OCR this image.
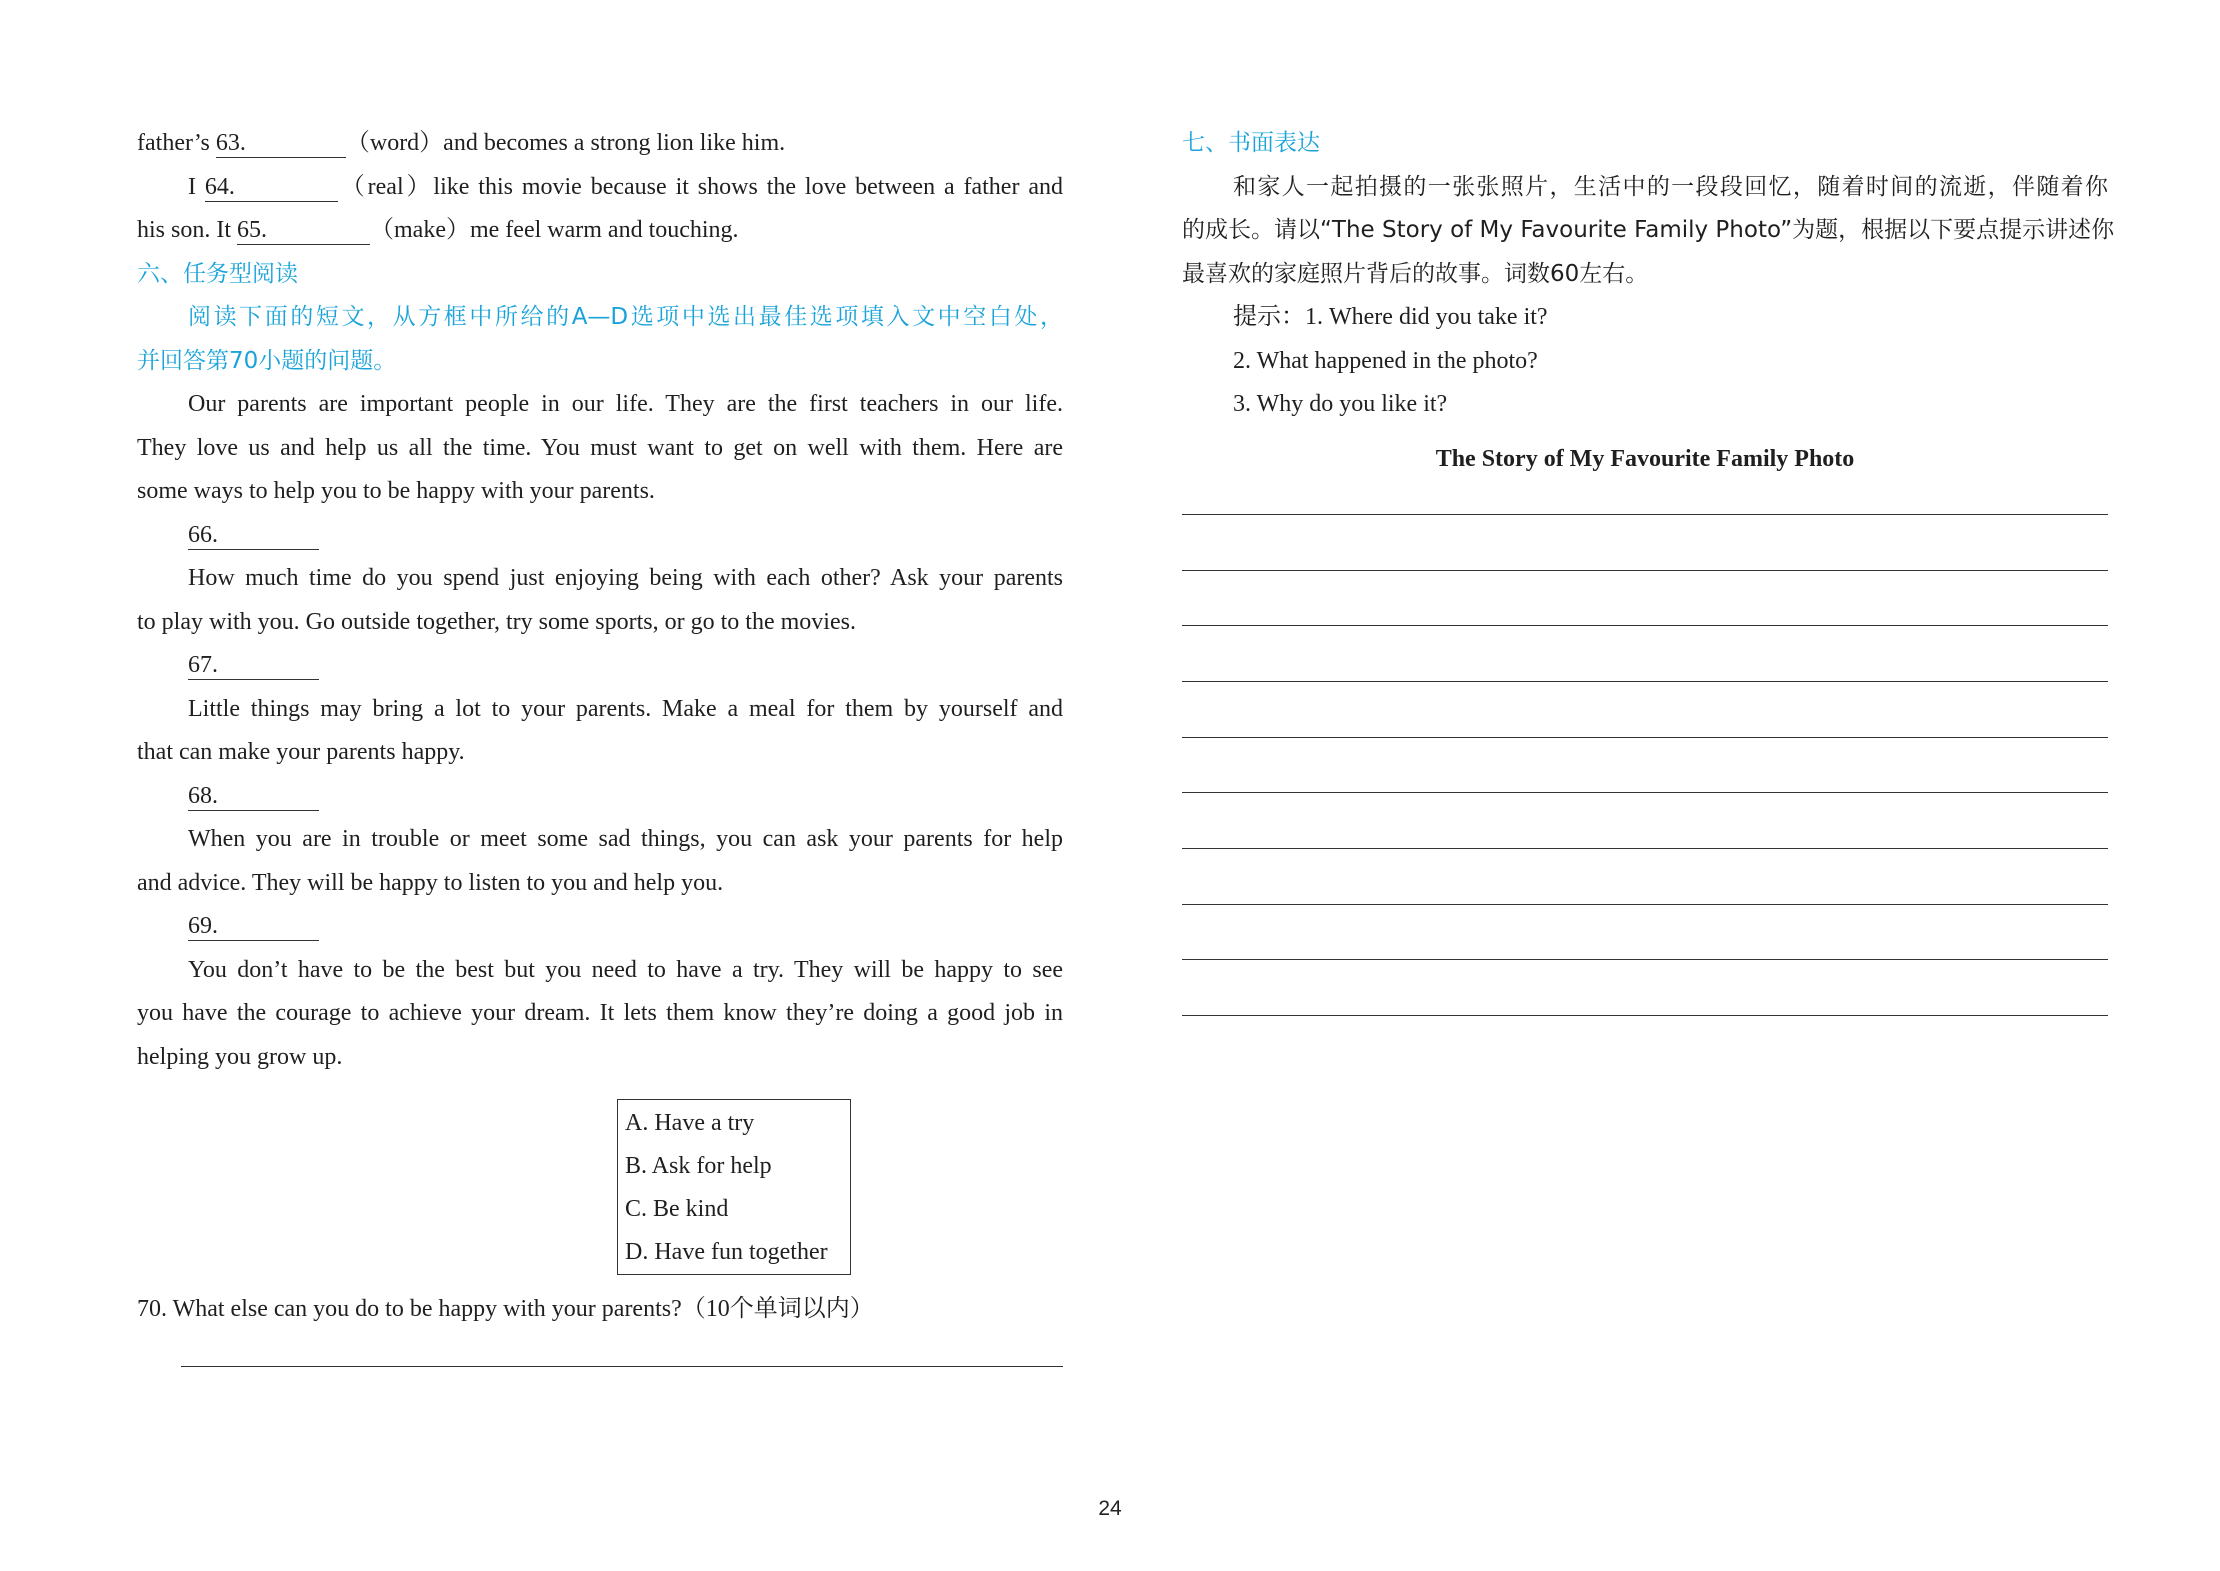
father’s 63.	（word）and becomes a strong lion like him.
I 64.	（real）like this movie because it shows the love between a father and
his son. It 65.	（make）me feel warm and touching.
六、任务型阅读
阅读下面的短文，从方框中所给的A—D选项中选出最佳选项填入文中空白处，
并回答第70小题的问题。
Our parents are important people in our life. They are the first teachers in our life.
They love us and help us all the time. You must want to get on well with them. Here are
some ways to help you to be happy with your parents.
66.
How much time do you spend just enjoying being with each other? Ask your parents
to play with you. Go outside together, try some sports, or go to the movies.
67.
Little things may bring a lot to your parents. Make a meal for them by yourself and
that can make your parents happy.
68.
When you are in trouble or meet some sad things, you can ask your parents for help
and advice. They will be happy to listen to you and help you.
69.
You don’t have to be the best but you need to have a try. They will be happy to see
you have the courage to achieve your dream. It lets them know they’re doing a good job in
helping you grow up.
A. Have a try
B. Ask for help
C. Be kind
D. Have fun together
70. What else can you do to be happy with your parents?（10个单词以内）
七、书面表达
和家人一起拍摄的一张张照片，生活中的一段段回忆，随着时间的流逝，伴随着你
的成长。请以“The Story of My Favourite Family Photo”为题，根据以下要点提示讲述你
最喜欢的家庭照片背后的故事。词数60左右。
提示：1. Where did you take it?
2. What happened in the photo?
3. Why do you like it?
The Story of My Favourite Family Photo
24
